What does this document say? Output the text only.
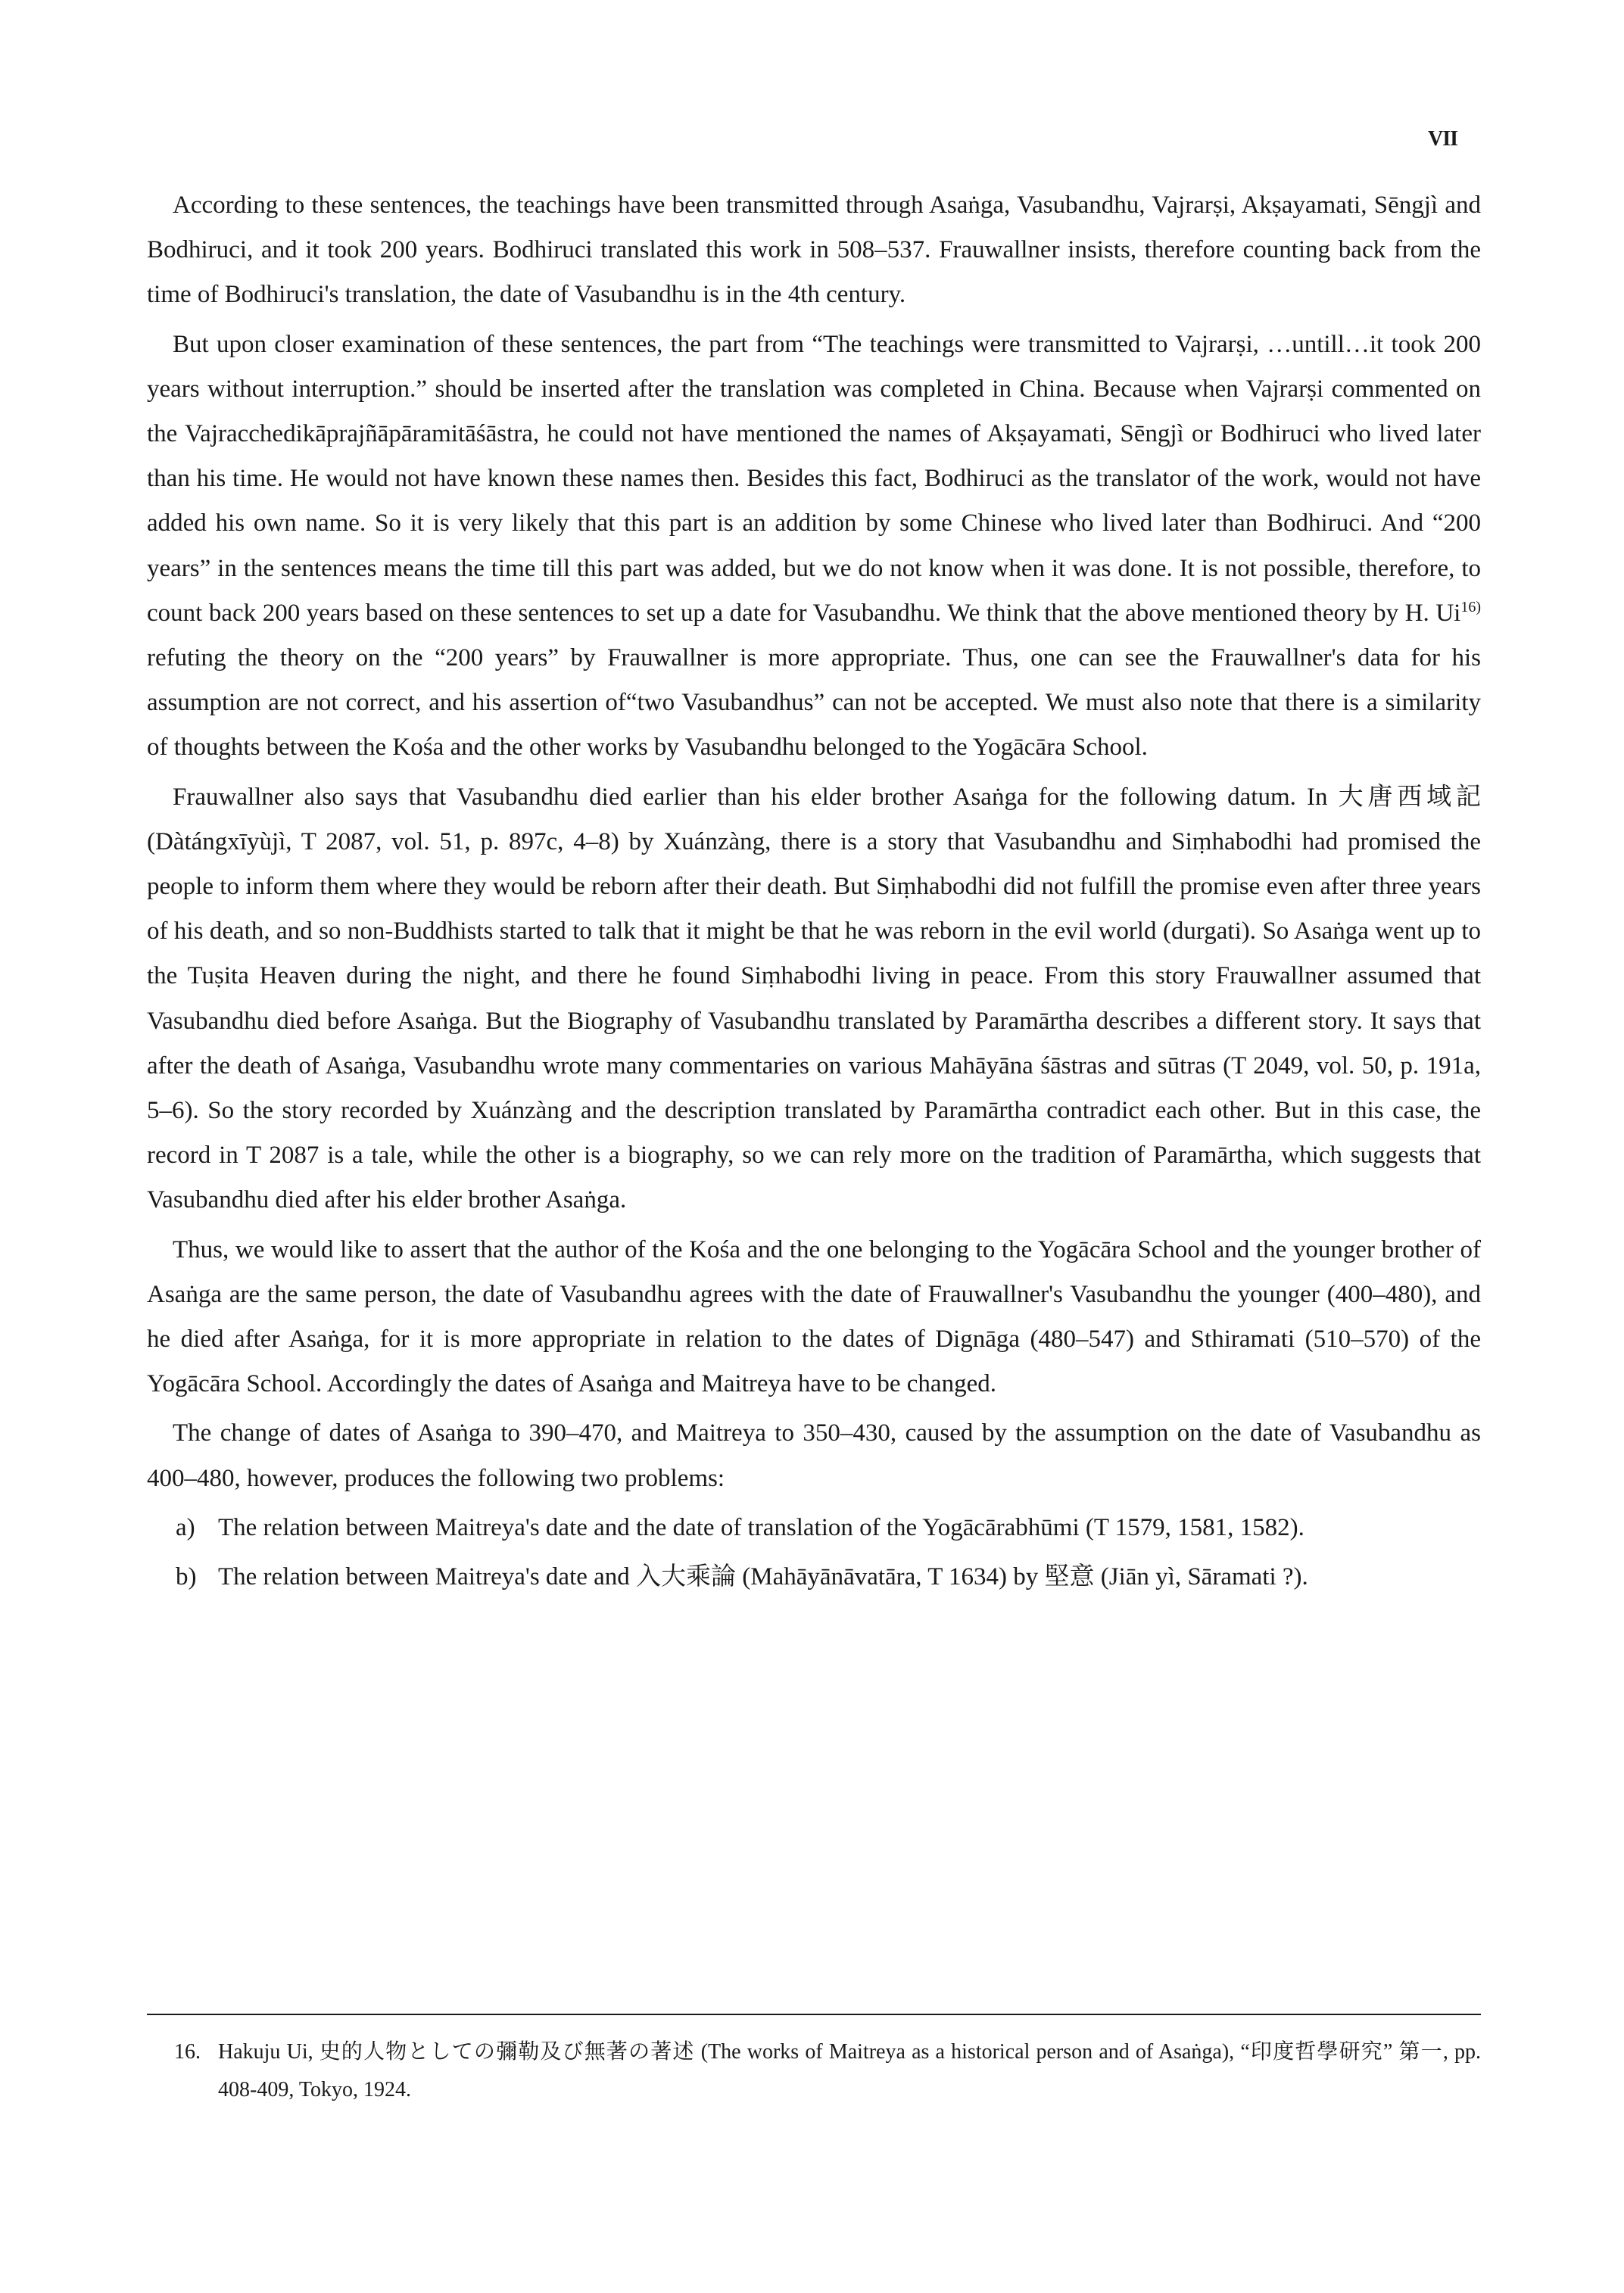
VII

According to these sentences, the teachings have been transmitted through Asaṅga, Vasubandhu, Vajrarṣi, Akṣayamati, Sēngjì and Bodhiruci, and it took 200 years. Bodhiruci translated this work in 508–537. Frauwallner insists, therefore counting back from the time of Bodhiruci's translation, the date of Vasubandhu is in the 4th century.

But upon closer examination of these sentences, the part from “The teachings were transmitted to Vajrarṣi, …untill…it took 200 years without interruption.” should be inserted after the translation was completed in China. Because when Vajrarṣi commented on the Vajracchedikāprajñāpāramitāśāstra, he could not have mentioned the names of Akṣayamati, Sēngjì or Bodhiruci who lived later than his time. He would not have known these names then. Besides this fact, Bodhiruci as the translator of the work, would not have added his own name. So it is very likely that this part is an addition by some Chinese who lived later than Bodhiruci. And “200 years” in the sentences means the time till this part was added, but we do not know when it was done. It is not possible, therefore, to count back 200 years based on these sentences to set up a date for Vasubandhu. We think that the above mentioned theory by H. Ui$^{16)}$ refuting the theory on the “200 years” by Frauwallner is more appropriate. Thus, one can see the Frauwallner's data for his assumption are not correct, and his assertion of“two Vasubandhus” can not be accepted. We must also note that there is a similarity of thoughts between the Kośa and the other works by Vasubandhu belonged to the Yogācāra School.

Frauwallner also says that Vasubandhu died earlier than his elder brother Asaṅga for the following datum. In 大唐西域記 (Dàtángxīyùjì, T 2087, vol. 51, p. 897c, 4–8) by Xuánzàng, there is a story that Vasubandhu and Siṃhabodhi had promised the people to inform them where they would be reborn after their death. But Siṃhabodhi did not fulfill the promise even after three years of his death, and so non-Buddhists started to talk that it might be that he was reborn in the evil world (durgati). So Asaṅga went up to the Tuṣita Heaven during the night, and there he found Siṃhabodhi living in peace. From this story Frauwallner assumed that Vasubandhu died before Asaṅga. But the Biography of Vasubandhu translated by Paramārtha describes a different story. It says that after the death of Asaṅga, Vasubandhu wrote many commentaries on various Mahāyāna śāstras and sūtras (T 2049, vol. 50, p. 191a, 5–6). So the story recorded by Xuánzàng and the description translated by Paramārtha contradict each other. But in this case, the record in T 2087 is a tale, while the other is a biography, so we can rely more on the tradition of Paramārtha, which suggests that Vasubandhu died after his elder brother Asaṅga.

Thus, we would like to assert that the author of the Kośa and the one belonging to the Yogācāra School and the younger brother of Asaṅga are the same person, the date of Vasubandhu agrees with the date of Frauwallner's Vasubandhu the younger (400–480), and he died after Asaṅga, for it is more appropriate in relation to the dates of Dignāga (480–547) and Sthiramati (510–570) of the Yogācāra School. Accordingly the dates of Asaṅga and Maitreya have to be changed.

The change of dates of Asaṅga to 390–470, and Maitreya to 350–430, caused by the assumption on the date of Vasubandhu as 400–480, however, produces the following two problems:

a) The relation between Maitreya's date and the date of translation of the Yogācārabhūmi (T 1579, 1581, 1582).
b) The relation between Maitreya's date and 入大乘論 (Mahāyānāvatāra, T 1634) by 堅意 (Jiān yì, Sāramati ?).
16. Hakuju Ui, 史的人物としての彌勒及び無著の著述 (The works of Maitreya as a historical person and of Asaṅga), “印度哲學研究” 第一, pp. 408-409, Tokyo, 1924.
